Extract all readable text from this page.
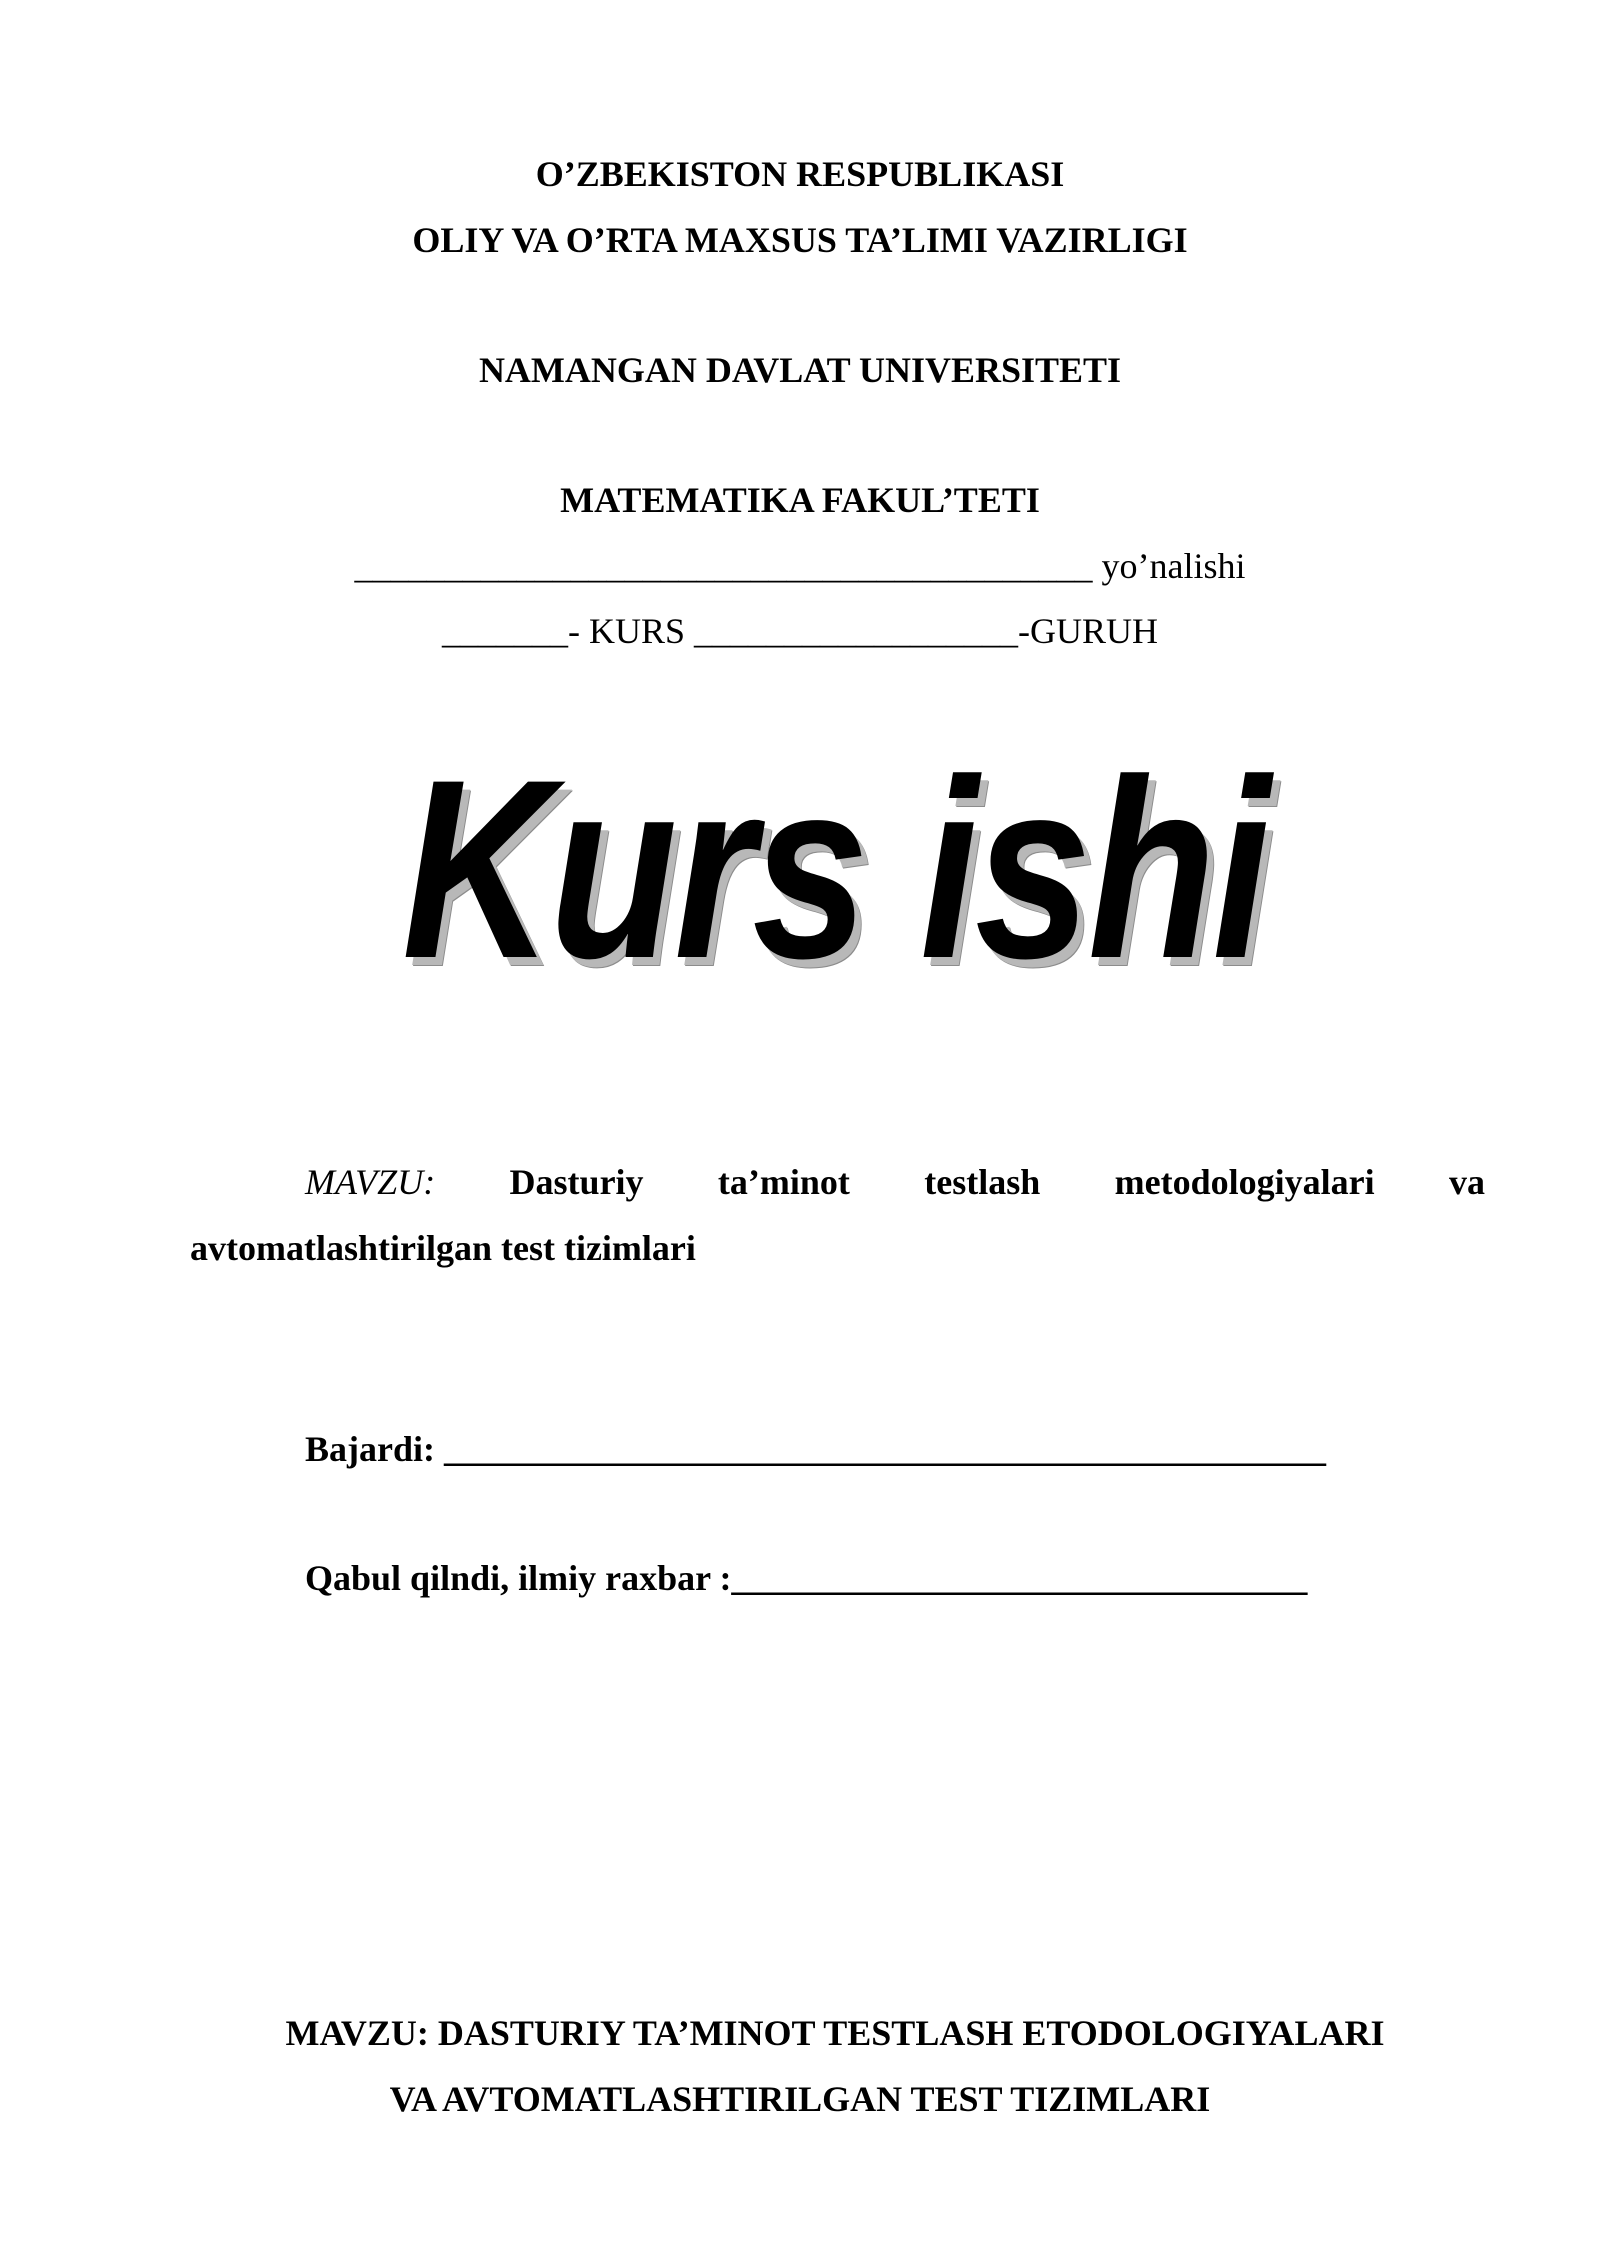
O’ZBEKISTON RESPUBLIKASI
OLIY VA O’RTA MAXSUS TA’LIMI VAZIRLIGI
NAMANGAN DAVLAT UNIVERSITETI
MATEMATIKA FAKUL’TETI
_________________________________________ yo’nalishi
_______- KURS __________________-GURUH
Kurs ishi
MAVZU: Dasturiy ta’minot testlash metodologiyalari va
avtomatlashtirilgan test tizimlari
Bajardi: _________________________________________________
Qabul qilndi, ilmiy raxbar :________________________________
MAVZU: DASTURIY TA’MINOT TESTLASH ETODOLOGIYALARI
VA AVTOMATLASHTIRILGAN TEST TIZIMLARI
